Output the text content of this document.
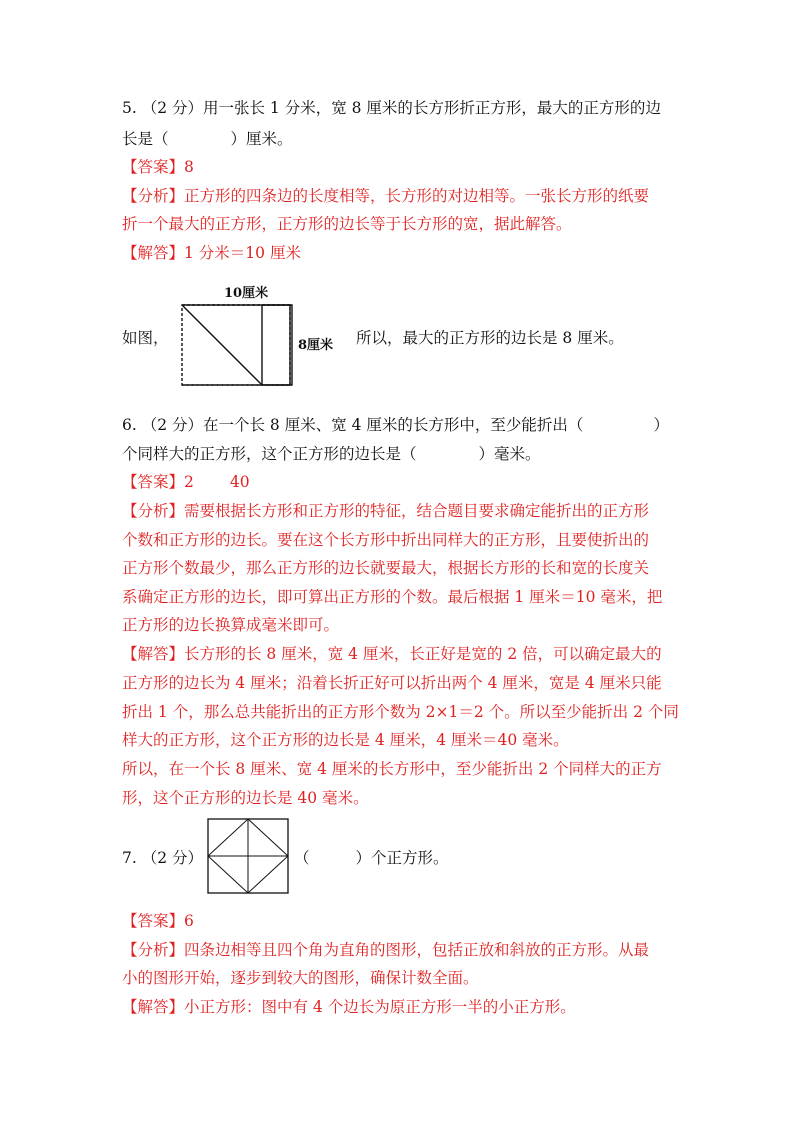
5. （2 分）用一张长 1 分米，宽 8 厘米的长方形折正方形，最大的正方形的边
长是（	）厘米。
【答案】8
【分析】正方形的四条边的长度相等，长方形的对边相等。一张长方形的纸要
折一个最大的正方形，正方形的边长等于长方形的宽，据此解答。
【解答】1 分米＝10 厘米
如图，
10厘米
8厘米 所以，最大的正方形的边长是 8 厘米。
6. （2 分）在一个长 8 厘米、宽 4 厘米的长方形中，至少能折出（	）
个同样大的正方形，这个正方形的边长是（	）毫米。
【答案】2 40
【分析】需要根据长方形和正方形的特征，结合题目要求确定能折出的正方形
个数和正方形的边长。要在这个长方形中折出同样大的正方形，且要使折出的
正方形个数最少，那么正方形的边长就要最大，根据长方形的长和宽的长度关
系确定正方形的边长，即可算出正方形的个数。最后根据 1 厘米＝10 毫米，把
正方形的边长换算成毫米即可。
【解答】长方形的长 8 厘米，宽 4 厘米，长正好是宽的 2 倍，可以确定最大的
正方形的边长为 4 厘米；沿着长折正好可以折出两个 4 厘米，宽是 4 厘米只能
折出 1 个，那么总共能折出的正方形个数为 2×1＝2 个。所以至少能折出 2 个同
样大的正方形，这个正方形的边长是 4 厘米，4 厘米＝40 毫米。
所以，在一个长 8 厘米、宽 4 厘米的长方形中，至少能折出 2 个同样大的正方
形，这个正方形的边长是 40 毫米。
7. （2 分）	（	）个正方形。
【答案】6
【分析】四条边相等且四个角为直角的图形，包括正放和斜放的正方形。从最
小的图形开始，逐步到较大的图形，确保计数全面。
【解答】小正方形：图中有 4 个边长为原正方形一半的小正方形。
